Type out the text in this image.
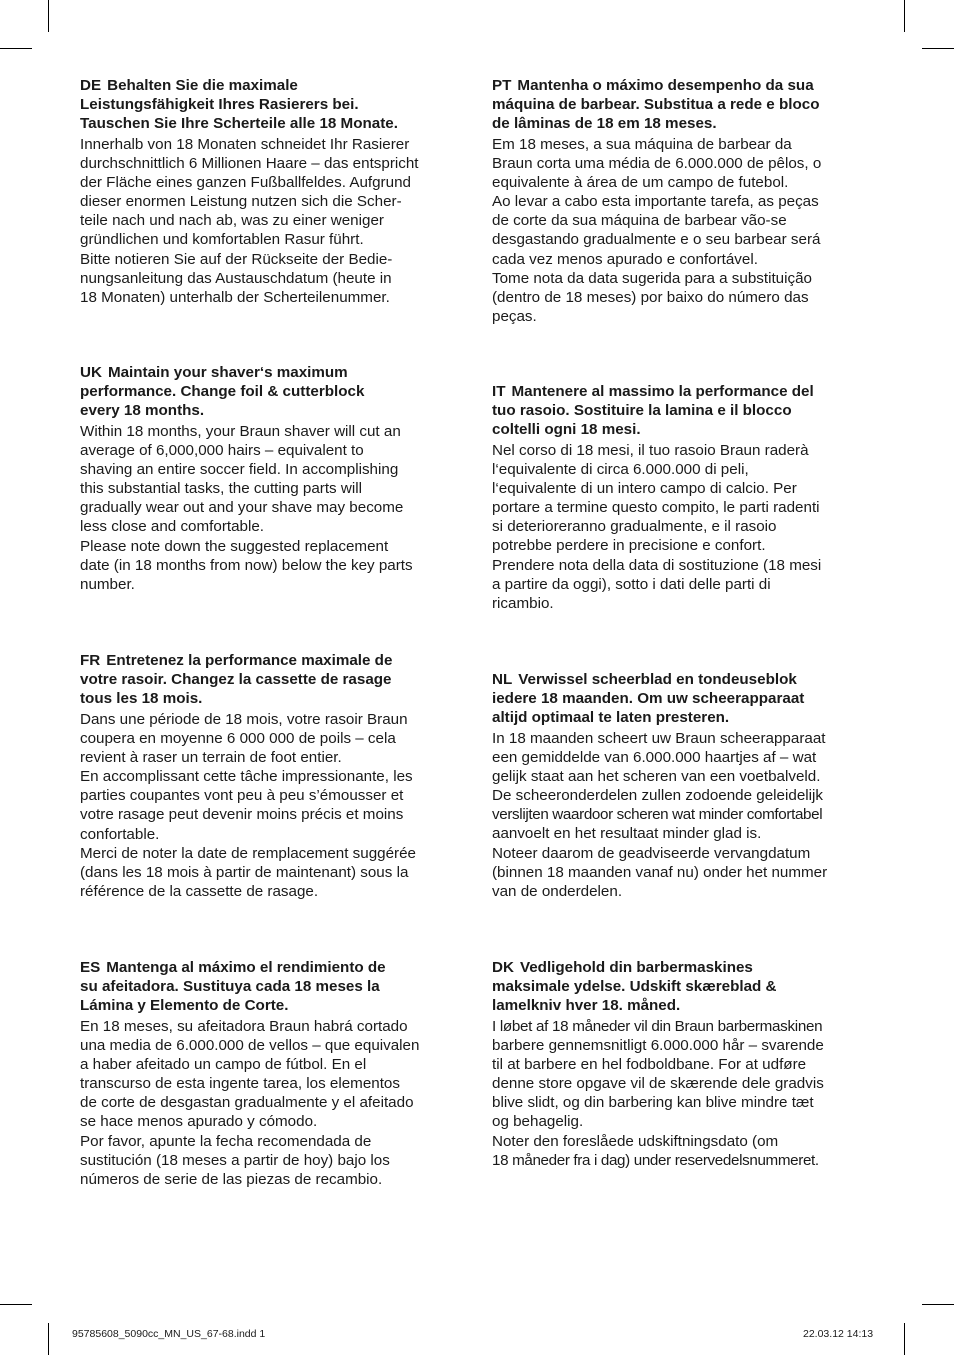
DE Behalten Sie die maximale
Leistungsfähigkeit Ihres Rasierers bei.
Tauschen Sie Ihre Scherteile alle 18 Monate.
Innerhalb von 18 Monaten schneidet Ihr Rasierer
durchschnittlich 6 Millionen Haare – das entspricht
der Fläche eines ganzen Fußballfeldes. Aufgrund
dieser enormen Leistung nutzen sich die Scher-
teile nach und nach ab, was zu einer weniger
gründlichen und komfortablen Rasur führt.
Bitte notieren Sie auf der Rückseite der Bedie-
nungsanleitung das Austauschdatum (heute in
18 Monaten) unterhalb der Scherteilenummer.
PT Mantenha o máximo desempenho da sua
máquina de barbear. Substitua a rede e bloco
de lâminas de 18 em 18 meses.
Em 18 meses, a sua máquina de barbear da
Braun corta uma média de 6.000.000 de pêlos, o
equivalente à área de um campo de futebol.
Ao levar a cabo esta importante tarefa, as peças
de corte da sua máquina de barbear vão-se
desgastando gradualmente e o seu barbear será
cada vez menos apurado e confortável.
Tome nota da data sugerida para a substituição
(dentro de 18 meses) por baixo do número das
peças.
UK Maintain your shaver‘s maximum
performance. Change foil & cutterblock
every 18 months.
Within 18 months, your Braun shaver will cut an
average of 6,000,000 hairs – equivalent to
shaving an entire soccer field. In accomplishing
this substantial tasks, the cutting parts will
gradually wear out and your shave may become
less close and comfortable.
Please note down the suggested replacement
date (in 18 months from now) below the key parts
number.
IT Mantenere al massimo la performance del
tuo rasoio. Sostituire la lamina e il blocco
coltelli ogni 18 mesi.
Nel corso di 18 mesi, il tuo rasoio Braun raderà
l‘equivalente di circa 6.000.000 di peli,
l‘equivalente di un intero campo di calcio. Per
portare a termine questo compito, le parti radenti
si deterioreranno gradualmente, e il rasoio
potrebbe perdere in precisione e confort.
Prendere nota della data di sostituzione (18 mesi
a partire da oggi), sotto i dati delle parti di
ricambio.
FR Entretenez la performance maximale de
votre rasoir. Changez la cassette de rasage
tous les 18 mois.
Dans une période de 18 mois, votre rasoir Braun
coupera en moyenne 6 000 000 de poils – cela
revient à raser un terrain de foot entier.
En accomplissant cette tâche impressionante, les
parties coupantes vont peu à peu s’émousser et
votre rasage peut devenir moins précis et moins
confortable.
Merci de noter la date de remplacement suggérée
(dans les 18 mois à partir de maintenant) sous la
référence de la cassette de rasage.
NL Verwissel scheerblad en tondeuseblok
iedere 18 maanden. Om uw scheerapparaat
altijd optimaal te laten presteren.
In 18 maanden scheert uw Braun scheerapparaat
een gemiddelde van 6.000.000 haartjes af – wat
gelijk staat aan het scheren van een voetbalveld.
De scheeronderdelen zullen zodoende geleidelijk
verslijten waardoor scheren wat minder comfortabel
aanvoelt en het resultaat minder glad is.
Noteer daarom de geadviseerde vervangdatum
(binnen 18 maanden vanaf nu) onder het nummer
van de onderdelen.
ES Mantenga al máximo el rendimiento de
su afeitadora. Sustituya cada 18 meses la
Lámina y Elemento de Corte.
En 18 meses, su afeitadora Braun habrá cortado
una media de 6.000.000 de vellos – que equivalen
a haber afeitado un campo de fútbol. En el
transcurso de esta ingente tarea, los elementos
de corte de desgastan gradualmente y el afeitado
se hace menos apurado y cómodo.
Por favor, apunte la fecha recomendada de
sustitución (18 meses a partir de hoy) bajo los
números de serie de las piezas de recambio.
DK Vedligehold din barbermaskines
maksimale ydelse. Udskift skæreblad &
lamelkniv hver 18. måned.
I løbet af 18 måneder vil din Braun barbermaskinen
barbere gennemsnitligt 6.000.000 hår – svarende
til at barbere en hel fodboldbane. For at udføre
denne store opgave vil de skærende dele gradvis
blive slidt, og din barbering kan blive mindre tæt
og behagelig.
Noter den foreslåede udskiftningsdato (om
18 måneder fra i dag) under reservedelsnummeret.
95785608_5090cc_MN_US_67-68.indd 1	22.03.12 14:13
